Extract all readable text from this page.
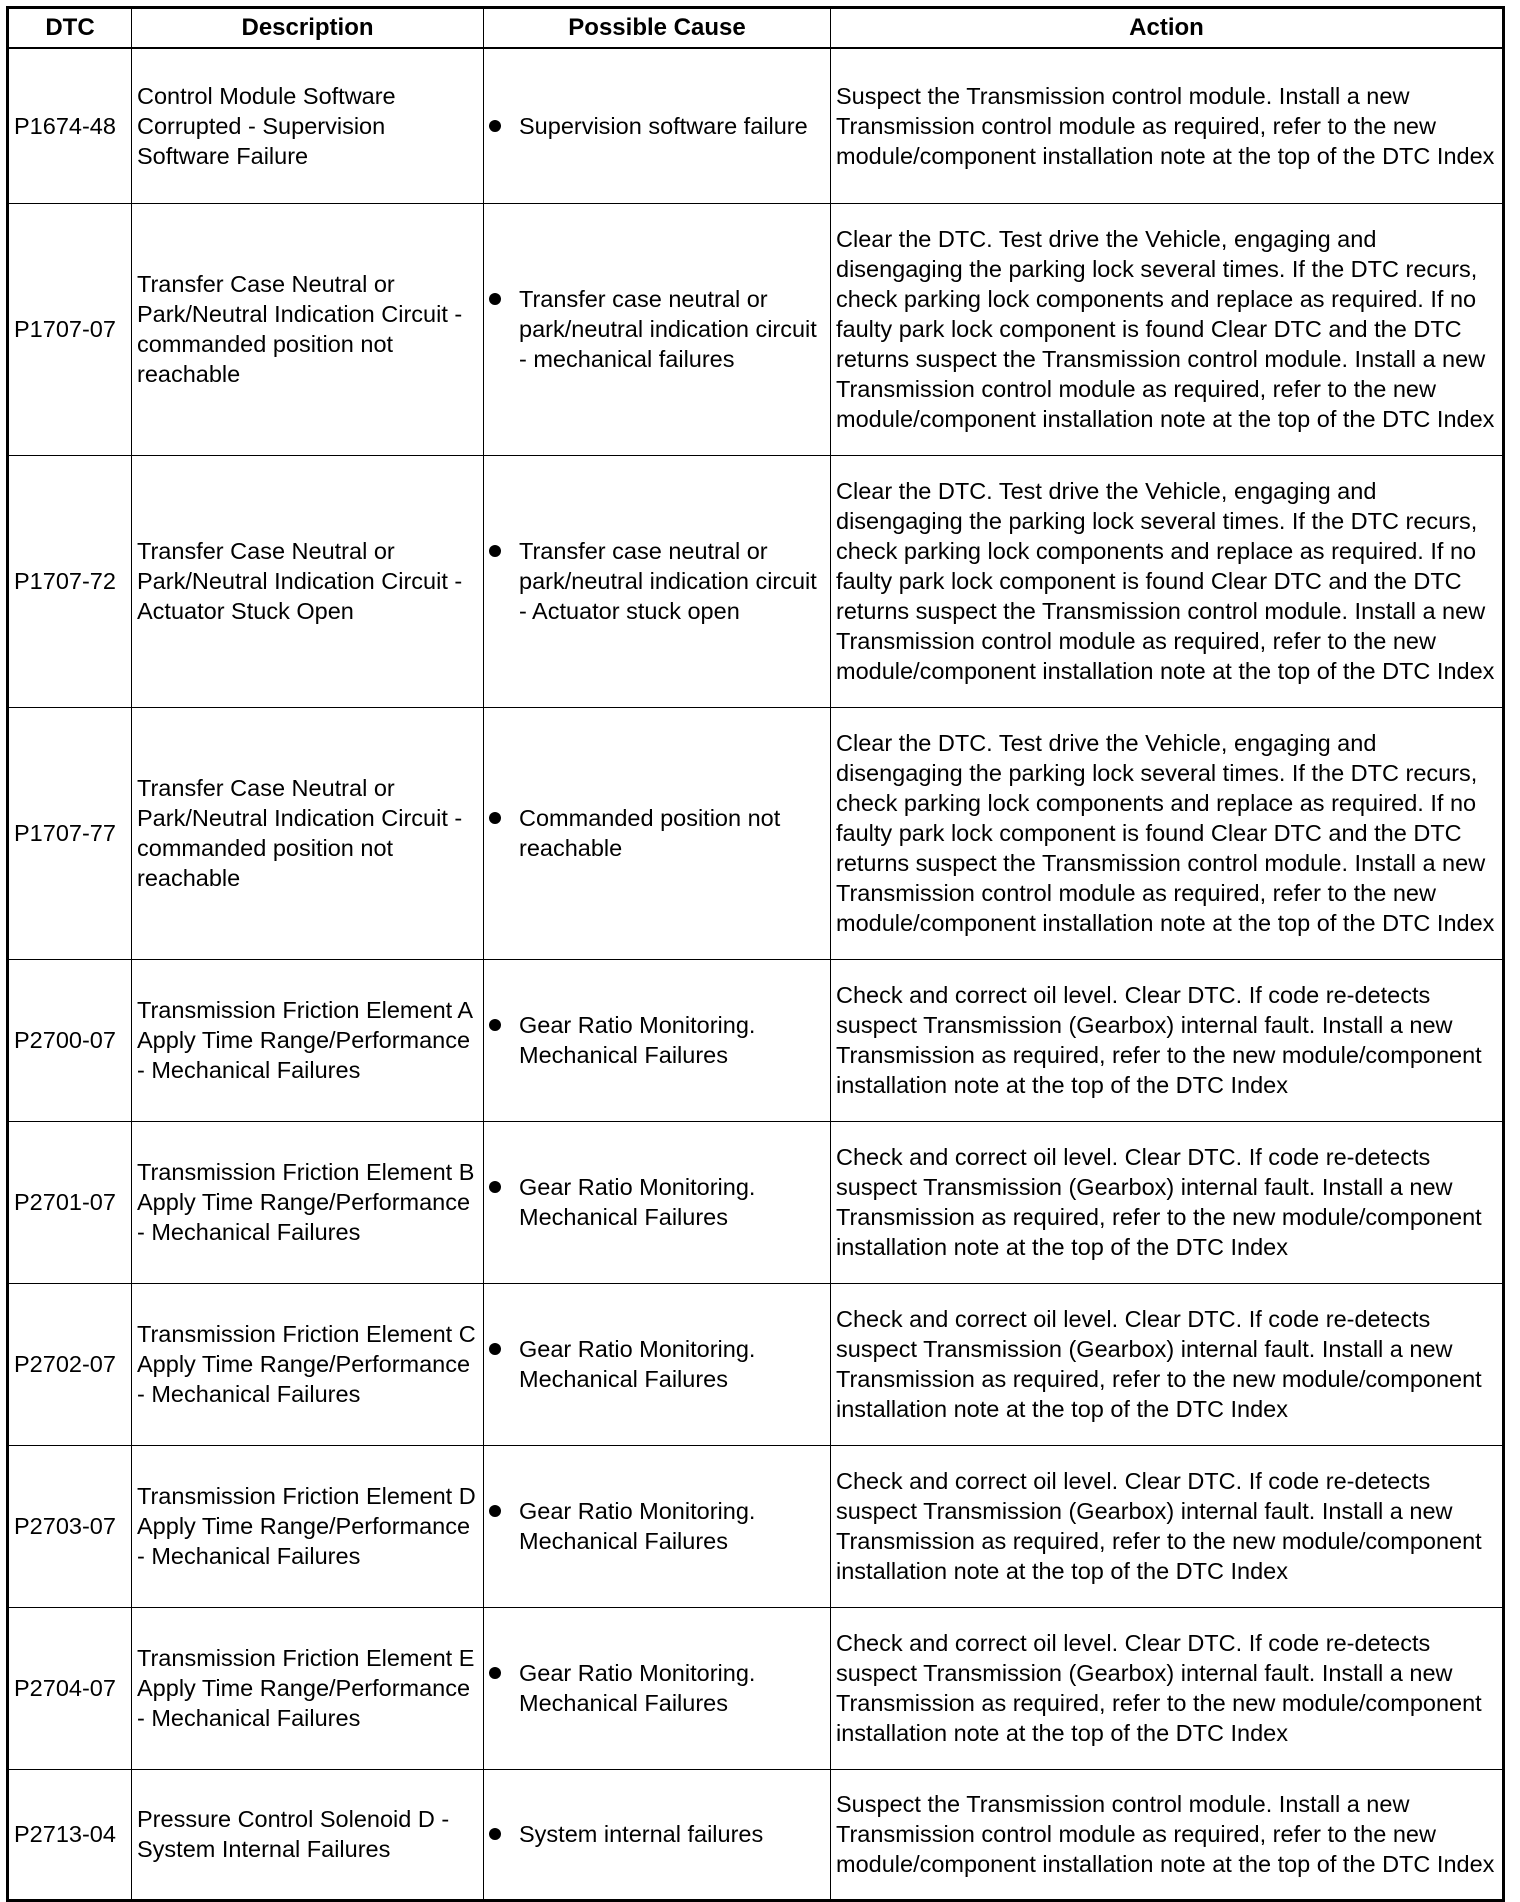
DTC	Description	Possible Cause	Action
P1674-48	Control Module Software Corrupted - Supervision Software Failure	Supervision software failure	Suspect the Transmission control module. Install a new Transmission control module as required, refer to the new module/component installation note at the top of the DTC Index
P1707-07	Transfer Case Neutral or Park/Neutral Indication Circuit - commanded position not reachable	Transfer case neutral or park/neutral indication circuit - mechanical failures	Clear the DTC. Test drive the Vehicle, engaging and disengaging the parking lock several times. If the DTC recurs, check parking lock components and replace as required. If no faulty park lock component is found Clear DTC and the DTC returns suspect the Transmission control module. Install a new Transmission control module as required, refer to the new module/component installation note at the top of the DTC Index
P1707-72	Transfer Case Neutral or Park/Neutral Indication Circuit - Actuator Stuck Open	Transfer case neutral or park/neutral indication circuit - Actuator stuck open	Clear the DTC. Test drive the Vehicle, engaging and disengaging the parking lock several times. If the DTC recurs, check parking lock components and replace as required. If no faulty park lock component is found Clear DTC and the DTC returns suspect the Transmission control module. Install a new Transmission control module as required, refer to the new module/component installation note at the top of the DTC Index
P1707-77	Transfer Case Neutral or Park/Neutral Indication Circuit - commanded position not reachable	Commanded position not reachable	Clear the DTC. Test drive the Vehicle, engaging and disengaging the parking lock several times. If the DTC recurs, check parking lock components and replace as required. If no faulty park lock component is found Clear DTC and the DTC returns suspect the Transmission control module. Install a new Transmission control module as required, refer to the new module/component installation note at the top of the DTC Index
P2700-07	Transmission Friction Element A Apply Time Range/Performance - Mechanical Failures	Gear Ratio Monitoring. Mechanical Failures	Check and correct oil level. Clear DTC. If code re-detects suspect Transmission (Gearbox) internal fault. Install a new Transmission as required, refer to the new module/component installation note at the top of the DTC Index
P2701-07	Transmission Friction Element B Apply Time Range/Performance - Mechanical Failures	Gear Ratio Monitoring. Mechanical Failures	Check and correct oil level. Clear DTC. If code re-detects suspect Transmission (Gearbox) internal fault. Install a new Transmission as required, refer to the new module/component installation note at the top of the DTC Index
P2702-07	Transmission Friction Element C Apply Time Range/Performance - Mechanical Failures	Gear Ratio Monitoring. Mechanical Failures	Check and correct oil level. Clear DTC. If code re-detects suspect Transmission (Gearbox) internal fault. Install a new Transmission as required, refer to the new module/component installation note at the top of the DTC Index
P2703-07	Transmission Friction Element D Apply Time Range/Performance - Mechanical Failures	Gear Ratio Monitoring. Mechanical Failures	Check and correct oil level. Clear DTC. If code re-detects suspect Transmission (Gearbox) internal fault. Install a new Transmission as required, refer to the new module/component installation note at the top of the DTC Index
P2704-07	Transmission Friction Element E Apply Time Range/Performance - Mechanical Failures	Gear Ratio Monitoring. Mechanical Failures	Check and correct oil level. Clear DTC. If code re-detects suspect Transmission (Gearbox) internal fault. Install a new Transmission as required, refer to the new module/component installation note at the top of the DTC Index
P2713-04	Pressure Control Solenoid D - System Internal Failures	System internal failures	Suspect the Transmission control module. Install a new Transmission control module as required, refer to the new module/component installation note at the top of the DTC Index
